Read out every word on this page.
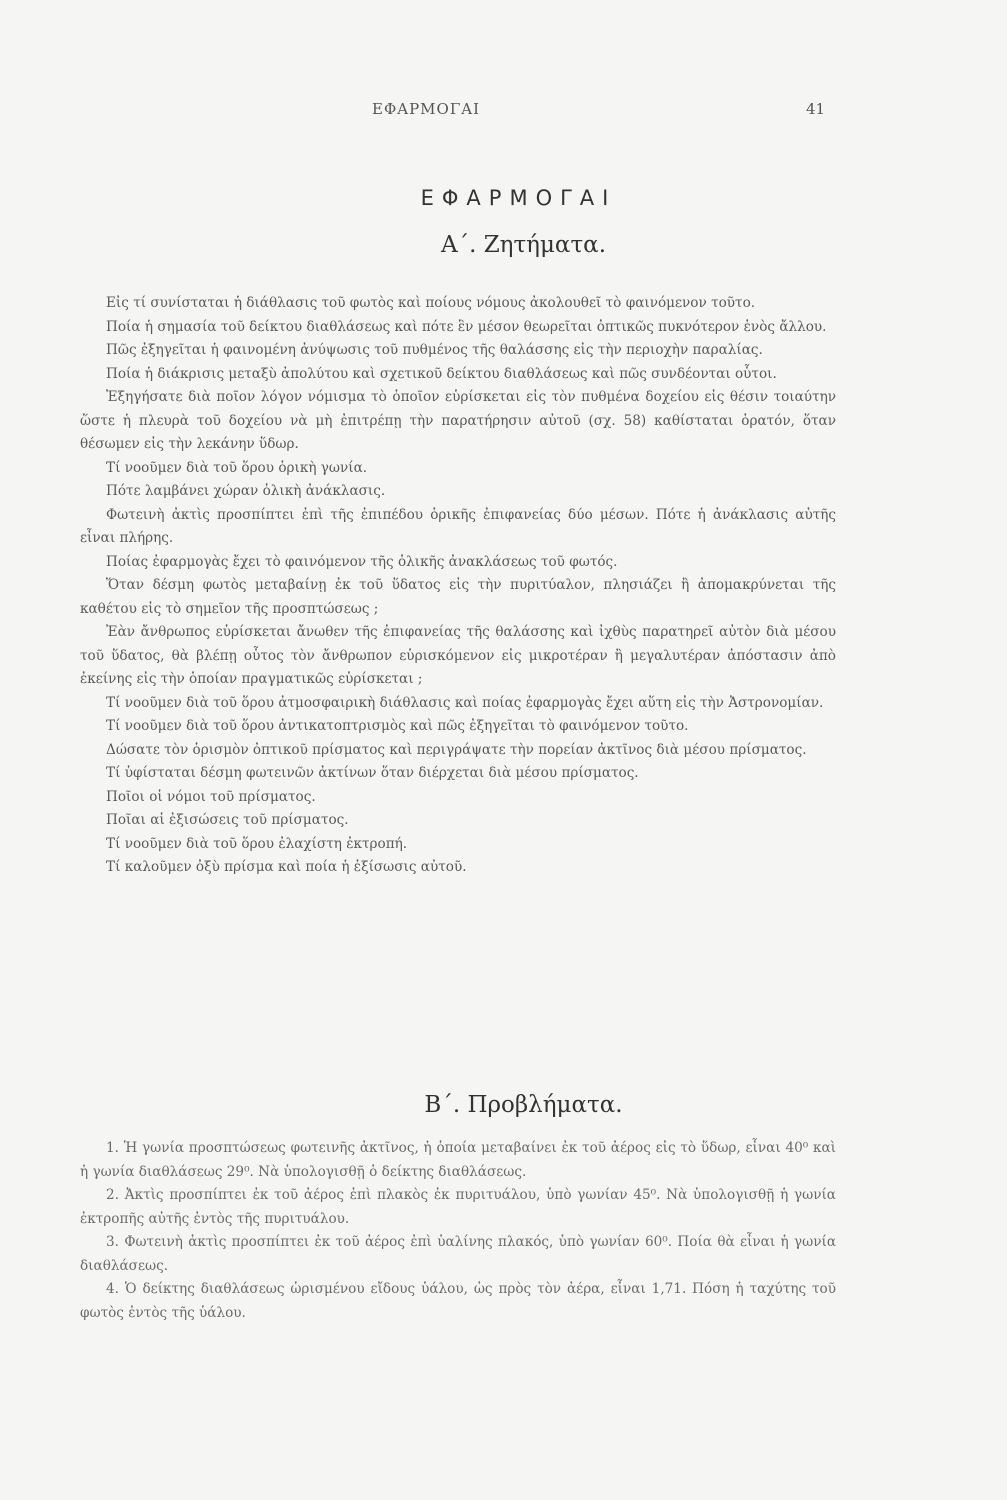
ΕΦΑΡΜΟΓΑΙ	41
ΕΦΑΡΜΟΓΑΙ
Α΄. Ζητήματα.

Εἰς τί συνίσταται ἡ διάθλασις τοῦ φωτὸς καὶ ποίους νόμους ἀκολουθεῖ τὸ φαινόμενον τοῦτο.

Ποία ἡ σημασία τοῦ δείκτου διαθλάσεως καὶ πότε ἓν μέσον θεωρεῖται ὀπτικῶς πυκνότερον ἑνὸς ἄλλου.

Πῶς ἐξηγεῖται ἡ φαινομένη ἀνύψωσις τοῦ πυθμένος τῆς θαλάσσης εἰς τὴν περιοχὴν παραλίας.

Ποία ἡ διάκρισις μεταξὺ ἀπολύτου καὶ σχετικοῦ δείκτου διαθλάσεως καὶ πῶς συνδέονται οὗτοι.

Ἐξηγήσατε διὰ ποῖον λόγον νόμισμα τὸ ὁποῖον εὑρίσκεται εἰς τὸν πυθμένα δοχείου εἰς θέσιν τοιαύτην ὥστε ἡ πλευρὰ τοῦ δοχείου νὰ μὴ ἐπιτρέπῃ τὴν παρατήρησιν αὐτοῦ (σχ. 58) καθίσταται ὁρατόν, ὅταν θέσωμεν εἰς τὴν λεκάνην ὕδωρ.

Τί νοοῦμεν διὰ τοῦ ὅρου ὁρικὴ γωνία.

Πότε λαμβάνει χώραν ὁλικὴ ἀνάκλασις.

Φωτεινὴ ἀκτὶς προσπίπτει ἐπὶ τῆς ἐπιπέδου ὁρικῆς ἐπιφανείας δύο μέσων. Πότε ἡ ἀνάκλασις αὐτῆς εἶναι πλήρης.

Ποίας ἐφαρμογὰς ἔχει τὸ φαινόμενον τῆς ὁλικῆς ἀνακλάσεως τοῦ φωτός.

Ὅταν δέσμη φωτὸς μεταβαίνῃ ἐκ τοῦ ὕδατος εἰς τὴν πυριτύαλον, πλησιάζει ἢ ἀπομακρύνεται τῆς καθέτου εἰς τὸ σημεῖον τῆς προσπτώσεως ;

Ἐὰν ἄνθρωπος εὑρίσκεται ἄνωθεν τῆς ἐπιφανείας τῆς θαλάσσης καὶ ἰχθὺς παρατηρεῖ αὐτὸν διὰ μέσου τοῦ ὕδατος, θὰ βλέπῃ οὗτος τὸν ἄνθρωπον εὑρισκόμενον εἰς μικροτέραν ἢ μεγαλυτέραν ἀπόστασιν ἀπὸ ἐκείνης εἰς τὴν ὁποίαν πραγματικῶς εὑρίσκεται ;

Τί νοοῦμεν διὰ τοῦ ὅρου ἀτμοσφαιρικὴ διάθλασις καὶ ποίας ἐφαρμογὰς ἔχει αὕτη εἰς τὴν Ἀστρονομίαν.

Τί νοοῦμεν διὰ τοῦ ὅρου ἀντικατοπτρισμὸς καὶ πῶς ἐξηγεῖται τὸ φαινόμενον τοῦτο.

Δώσατε τὸν ὁρισμὸν ὀπτικοῦ πρίσματος καὶ περιγράψατε τὴν πορείαν ἀκτῖνος διὰ μέσου πρίσματος.

Τί ὑφίσταται δέσμη φωτεινῶν ἀκτίνων ὅταν διέρχεται διὰ μέσου πρίσματος.

Ποῖοι οἱ νόμοι τοῦ πρίσματος.

Ποῖαι αἱ ἐξισώσεις τοῦ πρίσματος.

Τί νοοῦμεν διὰ τοῦ ὅρου ἐλαχίστη ἐκτροπή.

Τί καλοῦμεν ὀξὺ πρίσμα καὶ ποία ἡ ἐξίσωσις αὐτοῦ.

Β΄. Προβλήματα.

1. Ἡ γωνία προσπτώσεως φωτεινῆς ἀκτῖνος, ἡ ὁποία μεταβαίνει ἐκ τοῦ ἀέρος εἰς τὸ ὕδωρ, εἶναι 40⁰ καὶ ἡ γωνία διαθλάσεως 29⁰. Νὰ ὑπολογισθῇ ὁ δείκτης διαθλάσεως.

2. Ἀκτὶς προσπίπτει ἐκ τοῦ ἀέρος ἐπὶ πλακὸς ἐκ πυριτυάλου, ὑπὸ γωνίαν 45⁰. Νὰ ὑπολογισθῇ ἡ γωνία ἐκτροπῆς αὐτῆς ἐντὸς τῆς πυριτυάλου.

3. Φωτεινὴ ἀκτὶς προσπίπτει ἐκ τοῦ ἀέρος ἐπὶ ὑαλίνης πλακός, ὑπὸ γωνίαν 60⁰. Ποία θὰ εἶναι ἡ γωνία διαθλάσεως.

4. Ὁ δείκτης διαθλάσεως ὡρισμένου εἴδους ὑάλου, ὡς πρὸς τὸν ἀέρα, εἶναι 1,71. Πόση ἡ ταχύτης τοῦ φωτὸς ἐντὸς τῆς ὑάλου.
